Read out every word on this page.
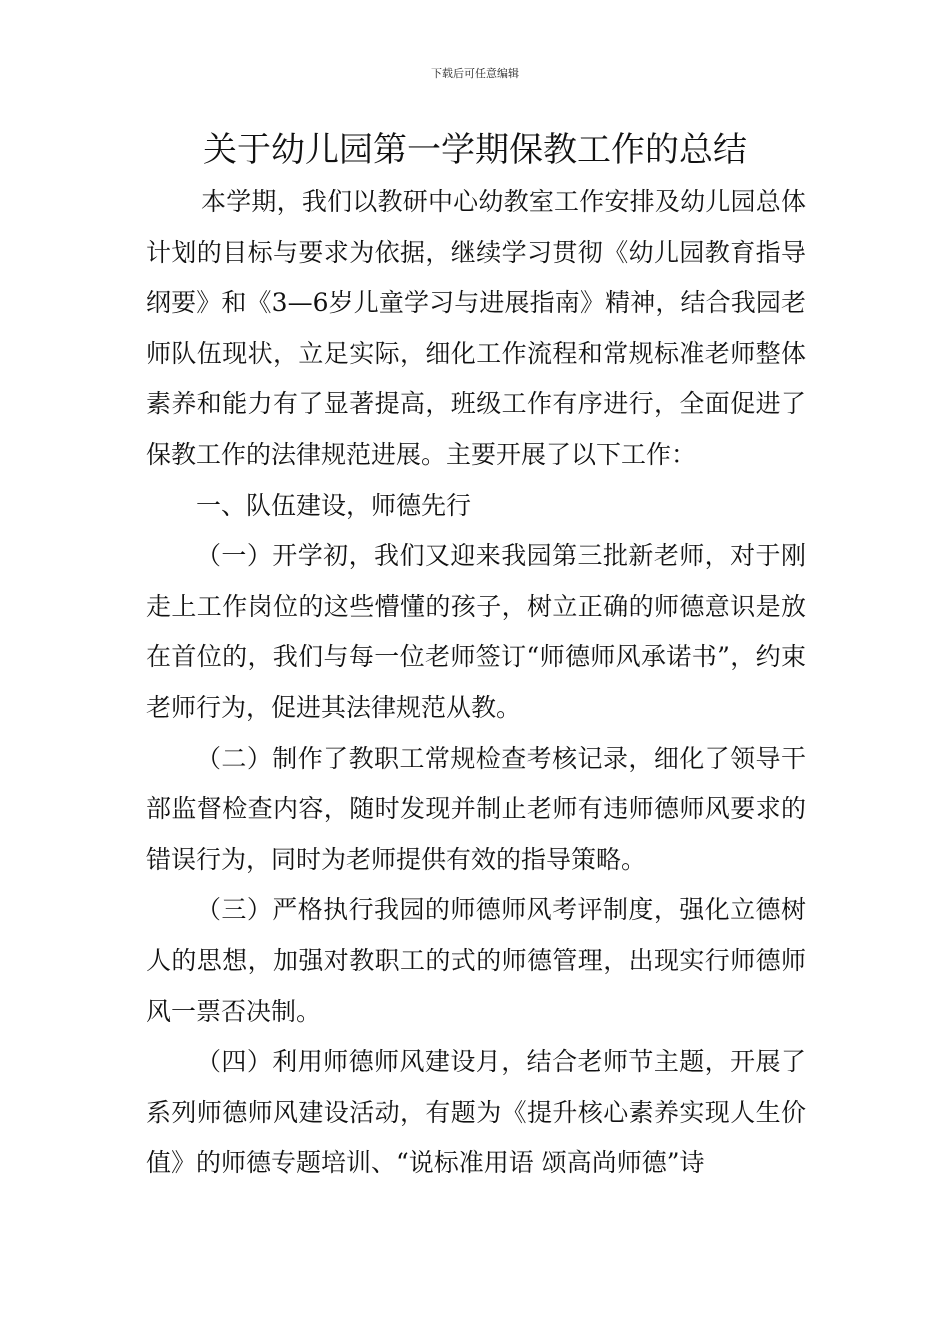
下载后可任意编辑
关于幼儿园第一学期保教工作的总结

本学期，我们以教研中心幼教室工作安排及幼儿园总体计划的目标与要求为依据，继续学习贯彻《幼儿园教育指导纲要》和《3—6岁儿童学习与进展指南》精神，结合我园老师队伍现状，立足实际，细化工作流程和常规标准老师整体素养和能力有了显著提高，班级工作有序进行，全面促进了保教工作的法律规范进展。主要开展了以下工作：

一、队伍建设，师德先行

（一）开学初，我们又迎来我园第三批新老师，对于刚走上工作岗位的这些懵懂的孩子，树立正确的师德意识是放在首位的，我们与每一位老师签订“师德师风承诺书”，约束老师行为，促进其法律规范从教。

（二）制作了教职工常规检查考核记录，细化了领导干部监督检查内容，随时发现并制止老师有违师德师风要求的错误行为，同时为老师提供有效的指导策略。

（三）严格执行我园的师德师风考评制度，强化立德树人的思想，加强对教职工的式的师德管理，出现实行师德师风一票否决制。

（四）利用师德师风建设月，结合老师节主题，开展了系列师德师风建设活动，有题为《提升核心素养实现人生价值》的师德专题培训、“说标准用语 颂高尚师德”诗
